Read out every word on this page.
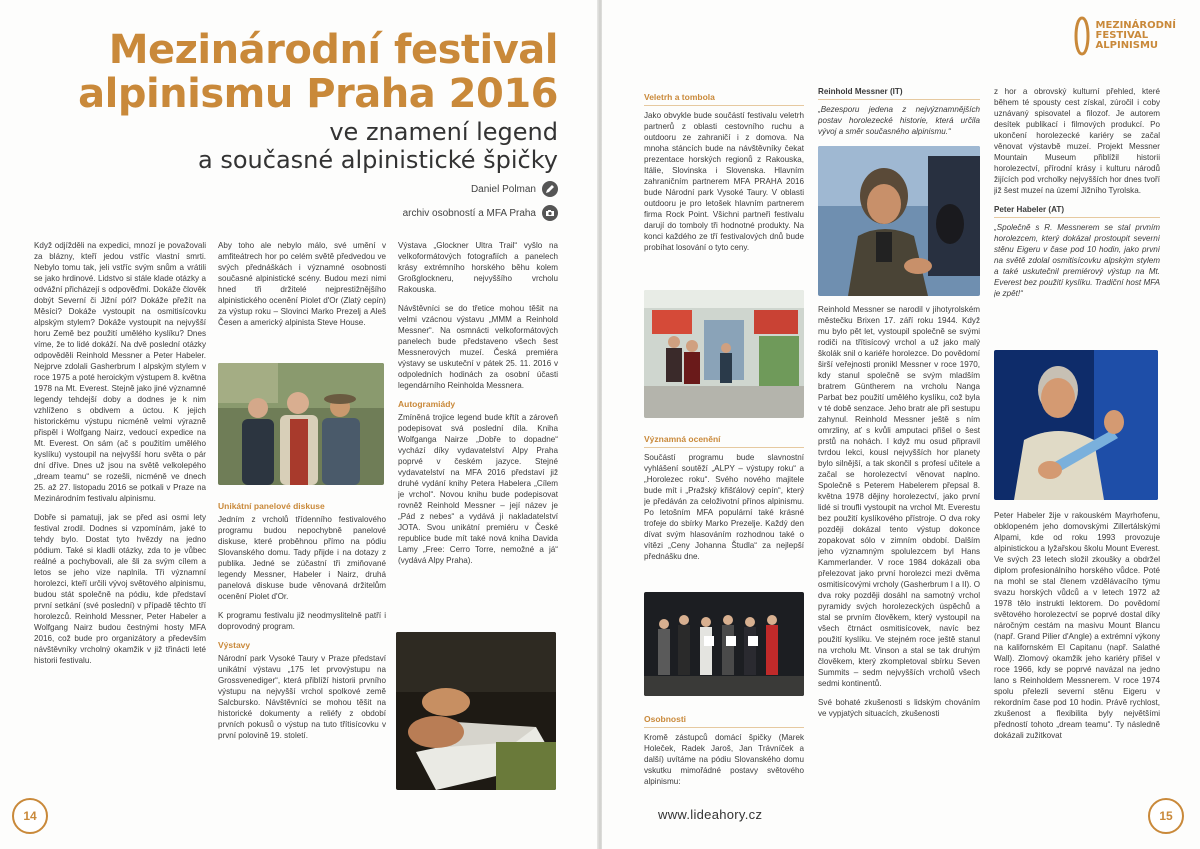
Mezinárodní festival
alpinismu Praha 2016
ve znamení legend
a současné alpinistické špičky
Daniel Polman
archiv osobností a MFA Praha

Když odjížděli na expedici, mnozí je považovali za blázny, kteří jedou vstříc vlastní smrti. Nebylo tomu tak, jeli vstříc svým snům a vrátili se jako hrdinové. Lidstvo si stále klade otázky a odvážní přicházejí s odpověďmi. Dokáže člověk dobýt Severní či Jižní pól? Dokáže přežít na Měsíci? Dokáže vystoupit na osmitisícovku alpským stylem? Dokáže vystoupit na nejvyšší horu Země bez použití umělého kyslíku? Dnes víme, že to lidé dokáží. Na dvě poslední otázky odpověděli Reinhold Messner a Peter Habeler. Nejprve zdolali Gasherbrum I alpským stylem v roce 1975 a poté heroickým výstupem 8. května 1978 na Mt. Everest. Stejně jako jiné významné legendy tehdejší doby a dodnes je k nim vzhlíženo s obdivem a úctou. K jejich historickému výstupu nicméně velmi výrazně přispěl i Wolfgang Nairz, vedoucí expedice na Mt. Everest. On sám (ač s použitím umělého kyslíku) vystoupil na nejvyšší horu světa o pár dní dříve. Dnes už jsou na světě velkolepého „dream teamu“ se rozešli, nicméně ve dnech 25. až 27. listopadu 2016 se potkali v Praze na Mezinárodním festivalu alpinismu.

Dobře si pamatuji, jak se před asi osmi lety festival zrodil. Dodnes si vzpomínám, jaké to tehdy bylo. Dostat tyto hvězdy na jedno pódium. Také si kladli otázky, zda to je vůbec reálné a pochybovali, ale šli za svým cílem a letos se jeho vize naplnila. Tři významní horolezci, kteří určili vývoj světového alpinismu, budou stát společně na pódiu, kde představí první setkání (své poslední) v případě těchto tří horolezců. Reinhold Messner, Peter Habeler a Wolfgang Nairz budou čestnými hosty MFA 2016, což bude pro organizátory a především návštěvníky vrcholný okamžik v již třinácti leté historii festivalu.

Aby toho ale nebylo málo, své umění v amfiteátrech hor po celém světě předvedou ve svých přednáškách i významné osobnosti současné alpinistické scény. Budou mezi nimi hned tři držitelé nejprestižnějšího alpinistického ocenění Piolet d'Or (Zlatý cepín) za výstup roku – Slovinci Marko Prezelj a Aleš Česen a americký alpinista Steve House.

Unikátní panelové diskuse

Jedním z vrcholů třídenního festivalového programu budou nepochybně panelové diskuse, které proběhnou přímo na pódiu Slovanského domu. Tady přijde i na dotazy z publika. Jedné se zúčastní tři zmiňované legendy Messner, Habeler i Nairz, druhá panelová diskuse bude věnovaná držitelům ocenění Piolet d'Or.

K programu festivalu již neodmyslitelně patří i doprovodný program.

Výstavy

Národní park Vysoké Taury v Praze představí unikátní výstavu „175 let prvovýstupu na Grossvenediger“, která přiblíží historii prvního výstupu na nejvyšší vrchol spolkové země Salcbursko. Návštěvníci se mohou těšit na historické dokumenty a reliéfy z období prvních pokusů o výstup na tuto třítisícovku v první polovině 19. století.

Výstava „Glockner Ultra Trail“ vyšlo na velkoformátových fotografiích a panelech krásy extrémního horského běhu kolem Großglockneru, nejvyššího vrcholu Rakouska.

Návštěvníci se do třetice mohou těšit na velmi vzácnou výstavu „MMM a Reinhold Messner“. Na osmnácti velkoformátových panelech bude představeno všech šest Messnerových muzeí. Česká premiéra výstavy se uskuteční v pátek 25. 11. 2016 v odpoledních hodinách za osobní účasti legendárního Reinholda Messnera.

Autogramiády

Zmíněná trojice legend bude křtít a zároveň podepisovat svá poslední díla. Kniha Wolfganga Nairze „Dobře to dopadne“ vychází díky vydavatelství Alpy Praha poprvé v českém jazyce. Stejné vydavatelství na MFA 2016 představí již druhé vydání knihy Petera Habelera „Cílem je vrchol“. Novou knihu bude podepisovat rovněž Reinhold Messner – její název je „Pád z nebes“ a vydává ji nakladatelství JOTA. Svou unikátní premiéru v České republice bude mít také nová kniha Davida Lamy „Free: Cerro Torre, nemožné a já“ (vydává Alpy Praha).

14
MEZINÁRODNÍ
FESTIVAL
ALPINISMU
Veletrh a tombola

Jako obvykle bude součástí festivalu veletrh partnerů z oblasti cestovního ruchu a outdooru ze zahraničí i z domova. Na mnoha stáncích bude na návštěvníky čekat prezentace horských regionů z Rakouska, Itálie, Slovinska i Slovenska. Hlavním zahraničním partnerem MFA PRAHA 2016 bude Národní park Vysoké Taury. V oblasti outdooru je pro letošek hlavním partnerem firma Rock Point. Všichni partneři festivalu darují do tomboly tři hodnotné produkty. Na konci každého ze tří festivalových dnů bude probíhat losování o tyto ceny.

Významná ocenění

Součástí programu bude slavnostní vyhlášení soutěží „ALPY – výstupy roku“ a „Horolezec roku“. Svého nového majitele bude mít i „Pražský křišťálový cepín“, který je předáván za celoživotní přínos alpinismu. Po letošním MFA populární také krásné trofeje do sbírky Marko Prezelje. Každý den dívat svým hlasováním rozhodnou také o vítězi „Ceny Johanna Študla“ za nejlepší přednášku dne.

Osobnosti

Kromě zástupců domácí špičky (Marek Holeček, Radek Jaroš, Jan Trávníček a další) uvítáme na pódiu Slovanského domu vskutku mimořádné postavy světového alpinismu:

Reinhold Messner (IT)

„Bezesporu jedena z nejvýznamnějších postav horolezecké historie, která určila vývoj a směr současného alpinismu.“

Reinhold Messner se narodil v jihotyrolském městečku Brixen 17. září roku 1944. Když mu bylo pět let, vystoupil společně se svými rodiči na třítisícový vrchol a už jako malý školák snil o kariéře horolezce. Do povědomí širší veřejnosti pronikl Messner v roce 1970, kdy stanul společně se svým mladším bratrem Güntherem na vrcholu Nanga Parbat bez použití umělého kyslíku, což byla v té době senzace. Jeho bratr ale při sestupu zahynul. Reinhold Messner ještě s ním omrzliny, ať s kvůli amputaci přišel o šest prstů na nohách. I když mu osud připravil tvrdou lekci, kousl nejvyšších hor planety bylo silnější, a tak skončil s profesí učitele a začal se horolezectví věnovat naplno. Společně s Peterem Habelerem přepsal 8. května 1978 dějiny horolezectví, jako první lidé si troufli vystoupit na vrchol Mt. Everestu bez použití kyslíkového přístroje. O dva roky později dokázal tento výstup dokonce zopakovat sólo v zimním období. Dalším jeho významným spolulezcem byl Hans Kammerlander. V roce 1984 dokázali oba přelezovat jako první horolezci mezi dvěma osmitisícovými vrcholy (Gasherbrum I a II). O dva roky později dosáhl na samotný vrchol pyramidy svých horolezeckých úspěchů a stal se prvním člověkem, který vystoupil na všech čtrnáct osmitisícovek, navíc bez použití kyslíku. Ve stejném roce ještě stanul na vrcholu Mt. Vinson a stal se tak druhým člověkem, který zkompletoval sbírku Seven Summits – sedm nejvyšších vrcholů všech sedmi kontinentů.

Své bohaté zkušenosti s lidským chováním ve vypjatých situacích, zkušenosti

z hor a obrovský kulturní přehled, které během té spousty cest získal, zúročil i coby uznávaný spisovatel a filozof. Je autorem desítek publikací i filmových produkcí. Po ukončení horolezecké kariéry se začal věnovat výstavbě muzeí. Projekt Messner Mountain Museum přiblížil historii horolezectví, přírodní krásy i kulturu národů žijících pod vrcholky nejvyšších hor dnes tvoří již šest muzeí na území Jižního Tyrolska.

Peter Habeler (AT)

„Společně s R. Messnerem se stal prvním horolezcem, který dokázal prostoupit severní stěnu Eigeru v čase pod 10 hodin, jako první na světě zdolal osmitisícovku alpským stylem a také uskutečnil premiérový výstup na Mt. Everest bez použití kyslíku. Tradiční host MFA je zpět!“

Peter Habeler žije v rakouském Mayrhofenu, obklopeném jeho domovskými Zillertálskými Alpami, kde od roku 1993 provozuje alpinistickou a lyžařskou školu Mount Everest. Ve svých 23 letech složil zkoušky a obdržel diplom profesionálního horského vůdce. Poté na mohl se stal členem vzdělávacího týmu svazu horských vůdců a v letech 1972 až 1978 tělo instrukti lektorem. Do povědomí světového horolezectví se poprvé dostal díky náročným cestám na masivu Mount Blancu (např. Grand Pilier d'Angle) a extrémní výkony na kalifornském El Capitanu (např. Salathé Wall). Zlomový okamžik jeho kariéry přišel v roce 1966, kdy se poprvé navázal na jedno lano s Reinholdem Messnerem. V roce 1974 spolu přelezli severní stěnu Eigeru v rekordním čase pod 10 hodin. Právě rychlost, zkušenost a flexibilita byly největšími předností tohoto „dream teamu“. Ty následně dokázali zužitkovat

www.lideahory.cz	15
